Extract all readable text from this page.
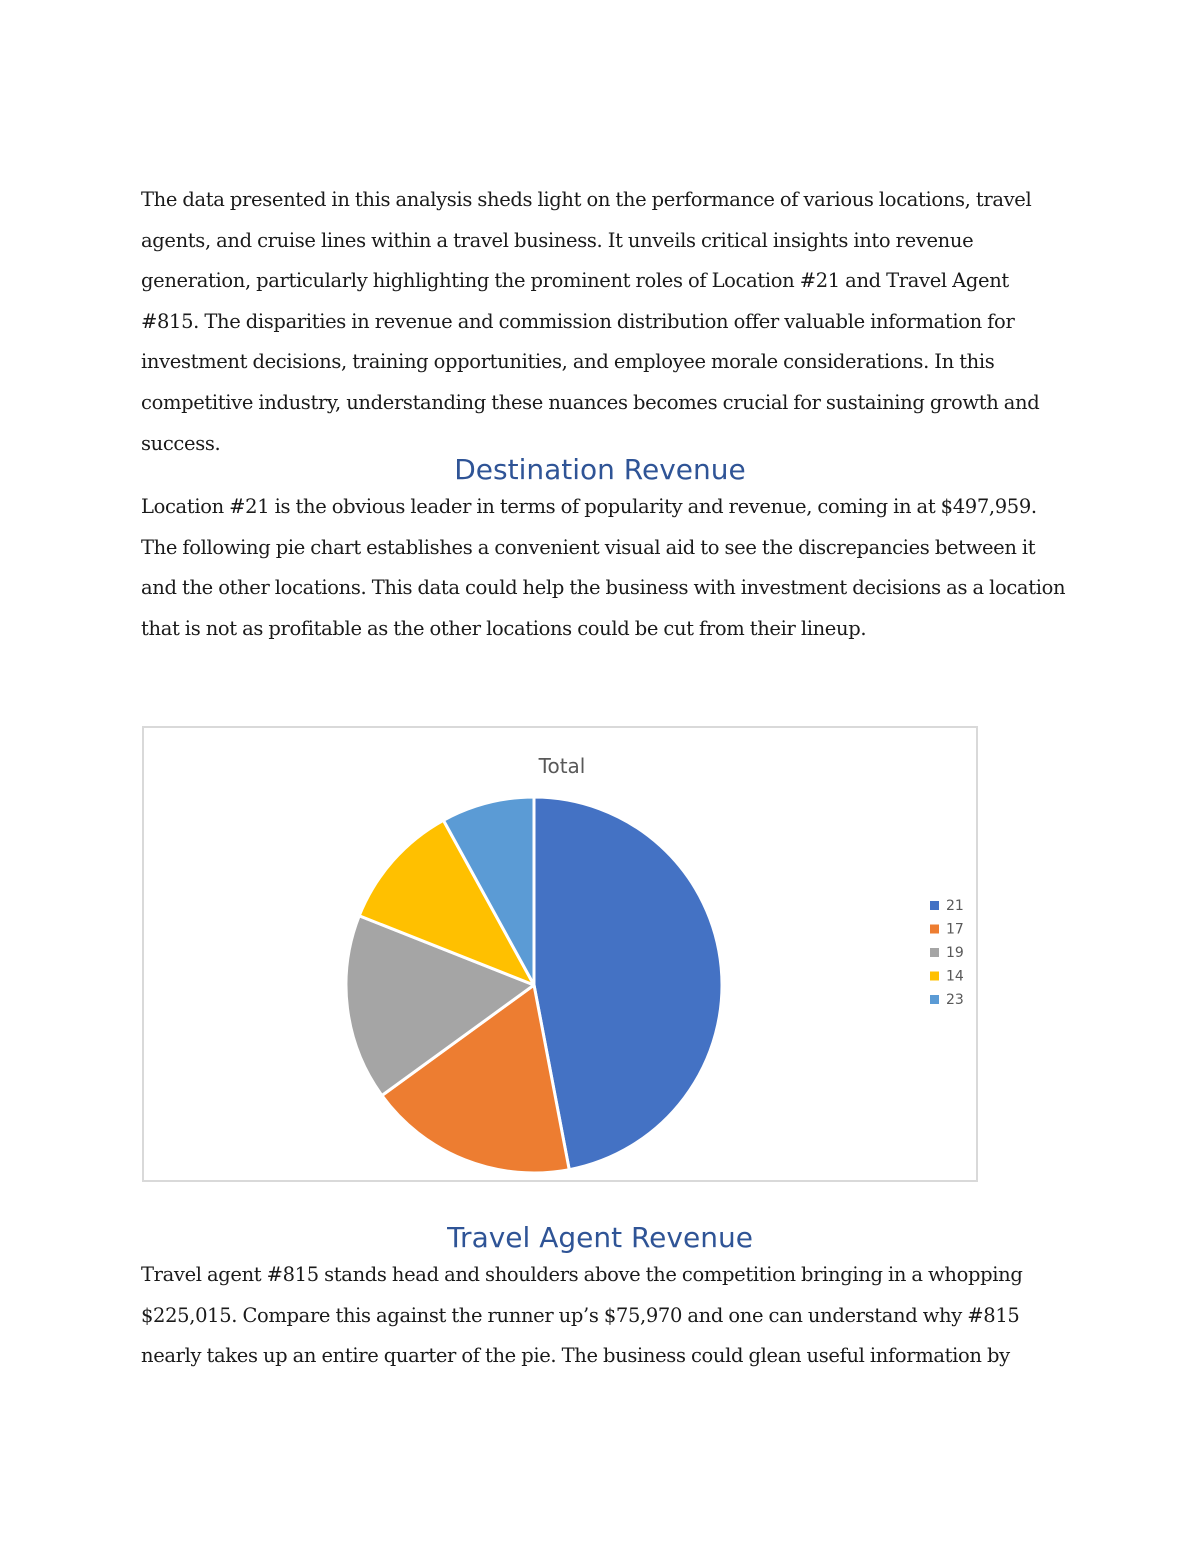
The data presented in this analysis sheds light on the performance of various locations, travel agents, and cruise lines within a travel business. It unveils critical insights into revenue generation, particularly highlighting the prominent roles of Location #21 and Travel Agent #815. The disparities in revenue and commission distribution offer valuable information for investment decisions, training opportunities, and employee morale considerations. In this competitive industry, understanding these nuances becomes crucial for sustaining growth and success.

Destination Revenue

Location #21 is the obvious leader in terms of popularity and revenue, coming in at $497,959. The following pie chart establishes a convenient visual aid to see the discrepancies between it and the other locations. This data could help the business with investment decisions as a location that is not as profitable as the other locations could be cut from their lineup.

Total
21
17
19
14
23
Travel Agent Revenue

Travel agent #815 stands head and shoulders above the competition bringing in a whopping $225,015. Compare this against the runner up’s $75,970 and one can understand why #815 nearly takes up an entire quarter of the pie. The business could glean useful information by
